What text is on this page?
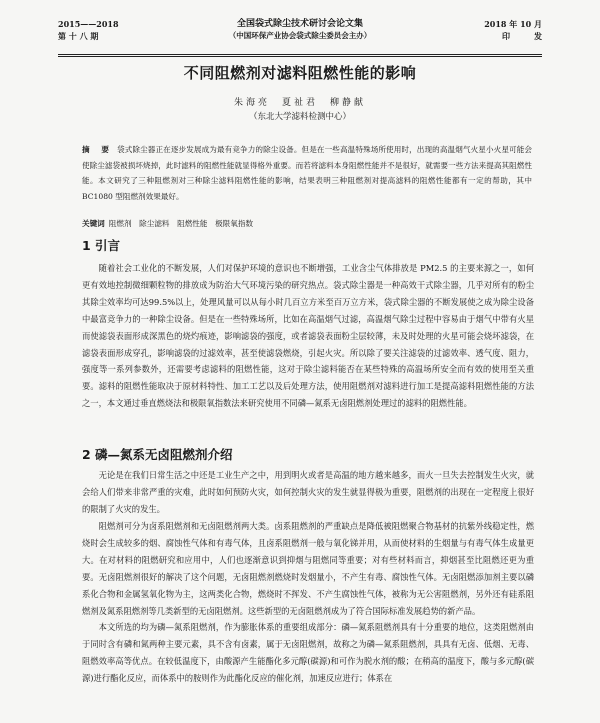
2015——2018
第 十 八 期
全国袋式除尘技术研讨会论文集
（中国环保产业协会袋式除尘委员会主办）
2018 年 10 月
印　　　发
不同阻燃剂对滤料阻燃性能的影响
朱海亮　夏祉君　柳静献
（东北大学滤料检测中心）
摘　要 袋式除尘器正在逐步发展成为最有竞争力的除尘设备。但是在一些高温特殊场所使用时，出现的高温烟气火星小火星可能会使除尘滤袋被损坏烧掉，此时滤料的阻燃性能就显得格外重要。而若将滤料本身阻燃性能并不是很好，就需要一些方法来提高其阻燃性能。本文研究了三种阻燃剂对三种除尘滤料阻燃性能的影响，结果表明三种阻燃剂对提高滤料的阻燃性能都有一定的帮助，其中 BC1080 型阻燃剂效果最好。
关键词 阻燃剂　除尘滤料　阻燃性能　极限氧指数
1 引言
随着社会工业化的不断发展，人们对保护环境的意识也不断增强，工业含尘气体排放是 PM2.5 的主要来源之一，如何更有效地控制微细颗粒物的排放成为防治大气环境污染的研究热点。袋式除尘器是一种高效干式除尘器，几乎对所有的粉尘其除尘效率均可达99.5%以上，处理风量可以从每小时几百立方米至百万立方米，袋式除尘器的不断发展使之成为除尘设备中最富竞争力的一种除尘设备。但是在一些特殊场所，比如在高温烟气过滤，高温烟气除尘过程中容易由于烟气中带有火星而使滤袋表面形成深黑色的烧灼痕迹，影响滤袋的强度，或者滤袋表面粉尘层较薄，未及时处理的火星可能会烧坏滤袋，在滤袋表面形成穿孔，影响滤袋的过滤效率，甚至使滤袋燃烧，引起火灾。所以除了要关注滤袋的过滤效率、透气度、阻力，强度等一系列参数外，还需要考虑滤料的阻燃性能，这对于除尘滤料能否在某些特殊的高温场所安全而有效的使用至关重要。滤料的阻燃性能取决于原材料特性、加工工艺以及后处理方法，使用阻燃剂对滤料进行加工是提高滤料阻燃性能的方法之一，本文通过垂直燃烧法和极限氧指数法来研究使用不同磷—氮系无卤阻燃剂处理过的滤料的阻燃性能。
2 磷—氮系无卤阻燃剂介绍
无论是在我们日常生活之中还是工业生产之中，用到明火或者是高温的地方越来越多，而火一旦失去控制发生火灾，就会给人们带来非常严重的灾难，此时如何预防火灾，如何控制火灾的发生就显得极为重要，阻燃剂的出现在一定程度上很好的限制了火灾的发生。
阻燃剂可分为卤系阻燃剂和无卤阻燃剂两大类。卤系阻燃剂的严重缺点是降低被阻燃聚合物基材的抗紫外线稳定性，燃烧时会生成较多的烟、腐蚀性气体和有毒气体，且卤系阻燃剂一般与氧化锑并用，从而使材料的生烟量与有毒气体生成量更大。在对材料的阻燃研究和应用中，人们也逐渐意识到抑烟与阻燃同等重要；对有些材料而言，抑烟甚至比阻燃还更为重要。无卤阻燃剂很好的解决了这个问题，无卤阻燃剂燃烧时发烟量小，不产生有毒、腐蚀性气体。无卤阻燃添加剂主要以磷系化合物和金属氢氧化物为主，这两类化合物，燃烧时不挥发、不产生腐蚀性气体，被称为无公害阻燃剂，另外还有硅系阻燃剂及氮系阻燃剂等几类新型的无卤阻燃剂。这些新型的无卤阻燃剂成为了符合国际标准发展趋势的新产品。
本文所选的均为磷—氮系阻燃剂，作为膨胀体系的重要组成部分：磷—氮系阻燃剂具有十分重要的地位，这类阻燃剂由于同时含有磷和氮两种主要元素，具不含有卤素，属于无卤阻燃剂，故称之为磷—氮系阻燃剂，具具有无卤、低烟、无毒、阻燃效率高等优点。在较低温度下，由酸源产生能酯化多元醇(碳源)和可作为脱水剂的酸；在稍高的温度下，酸与多元醇(碳源)进行酯化反应，而体系中的胺则作为此酯化反应的催化剂，加速反应进行；体系在
